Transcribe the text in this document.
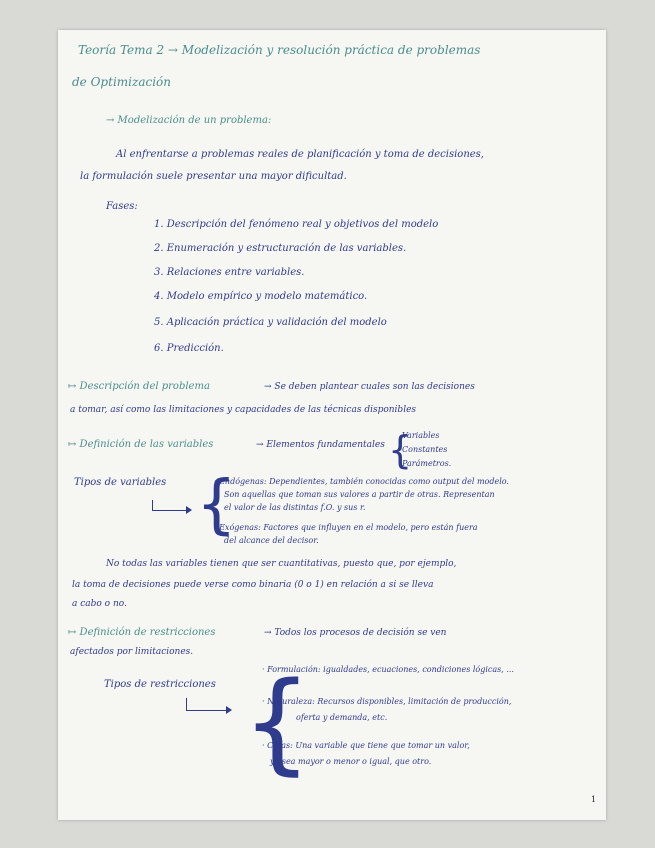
Teoría Tema 2 → Modelización y resolución práctica de problemas
de Optimización
→ Modelización de un problema:
Al enfrentarse a problemas reales de planificación y toma de decisiones,
la formulación suele presentar una mayor dificultad.
Fases:
1. Descripción del fenómeno real y objetivos del modelo
2. Enumeración y estructuración de las variables.
3. Relaciones entre variables.
4. Modelo empírico y modelo matemático.
5. Aplicación práctica y validación del modelo
6. Predicción.
↦ Descripción del problema	→ Se deben plantear cuales son las decisiones
a tomar, así como las limitaciones y capacidades de las técnicas disponibles
↦ Definición de las variables	→ Elementos fundamentales {
Variables
Constantes
Parámetros.
Tipos de variables {
· Endógenas: Dependientes, también conocidas como output del modelo.
Son aquellas que toman sus valores a partir de otras. Representan
el valor de las distintas f.O. y sus r.
· Exógenas: Factores que influyen en el modelo, pero están fuera
del alcance del decisor.
No todas las variables tienen que ser cuantitativas, puesto que, por ejemplo,
la toma de decisiones puede verse como binaria (0 o 1) en relación a si se lleva
a cabo o no.
↦ Definición de restricciones	→ Todos los procesos de decisión se ven
afectados por limitaciones.
Tipos de restricciones {
· Formulación: igualdades, ecuaciones, condiciones lógicas, ...
· Naturaleza: Recursos disponibles, limitación de producción,
oferta y demanda, etc.
· Cotas: Una variable que tiene que tomar un valor,
ya sea mayor o menor o igual, que otro.
1
